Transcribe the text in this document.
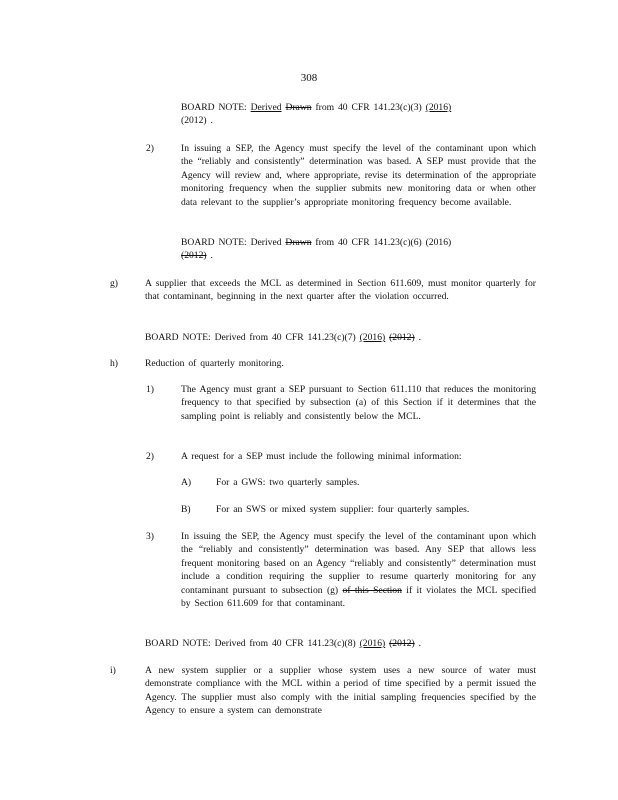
308
BOARD NOTE: Derived Drawn from 40 CFR 141.23(c)(3) (2016)
(2012) .
2)	In issuing a SEP, the Agency must specify the level of the contaminant upon which the “reliably and consistently” determination was based. A SEP must provide that the Agency will review and, where appropriate, revise its determination of the appropriate monitoring frequency when the supplier submits new monitoring data or when other data relevant to the supplier’s appropriate monitoring frequency become available.
BOARD NOTE: Derived Drawn from 40 CFR 141.23(c)(6) (2016)
(2012) .
g)	A supplier that exceeds the MCL as determined in Section 611.609, must monitor quarterly for that contaminant, beginning in the next quarter after the violation occurred.
BOARD NOTE: Derived from 40 CFR 141.23(c)(7) (2016) (2012) .
h)	Reduction of quarterly monitoring.
1)	The Agency must grant a SEP pursuant to Section 611.110 that reduces the monitoring frequency to that specified by subsection (a) of this Section if it determines that the sampling point is reliably and consistently below the MCL.
2)	A request for a SEP must include the following minimal information:
A)	For a GWS: two quarterly samples.
B)	For an SWS or mixed system supplier: four quarterly samples.
3)	In issuing the SEP, the Agency must specify the level of the contaminant upon which the “reliably and consistently” determination was based. Any SEP that allows less frequent monitoring based on an Agency “reliably and consistently” determination must include a condition requiring the supplier to resume quarterly monitoring for any contaminant pursuant to subsection (g) of this Section if it violates the MCL specified by Section 611.609 for that contaminant.
BOARD NOTE: Derived from 40 CFR 141.23(c)(8) (2016) (2012) .
i)	A new system supplier or a supplier whose system uses a new source of water must demonstrate compliance with the MCL within a period of time specified by a permit issued the Agency. The supplier must also comply with the initial sampling frequencies specified by the Agency to ensure a system can demonstrate
